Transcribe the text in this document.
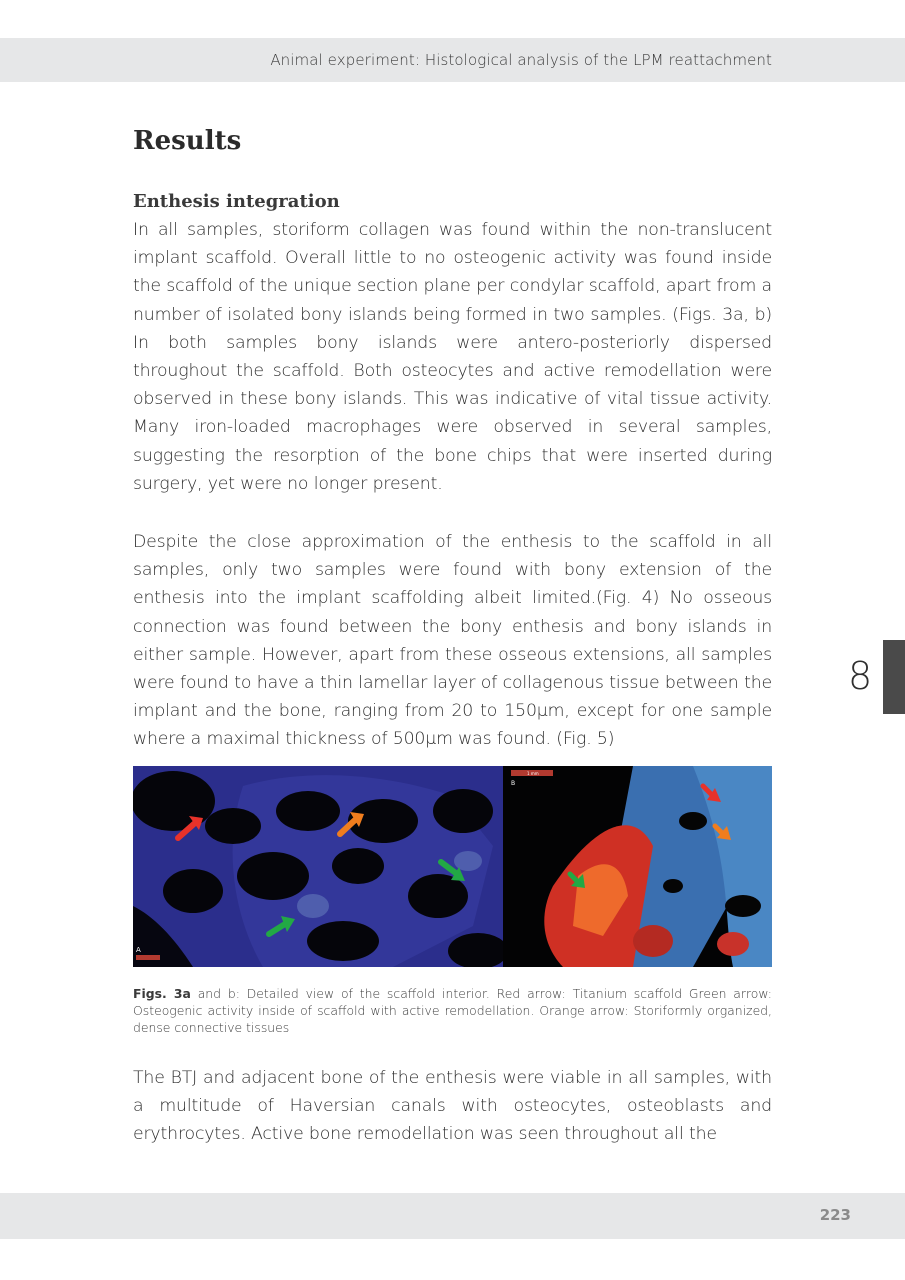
Animal experiment: Histological analysis of the LPM reattachment
Results
Enthesis integration

In all samples, storiform collagen was found within the non-translucent implant scaffold. Overall little to no osteogenic activity was found inside the scaffold of the unique section plane per condylar scaffold, apart from a number of isolated bony islands being formed in two samples. (Figs. 3a, b) In both samples bony islands were antero-posteriorly dispersed throughout the scaffold. Both osteocytes and active remodellation were observed in these bony islands. This was indicative of vital tissue activity. Many iron-loaded macrophages were observed in several samples, suggesting the resorption of the bone chips that were inserted during surgery, yet were no longer present.

Despite the close approximation of the enthesis to the scaffold in all samples, only two samples were found with bony extension of the enthesis into the implant scaffolding albeit limited.(Fig. 4) No osseous connection was found between the bony enthesis and bony islands in either sample. However, apart from these osseous extensions, all samples were found to have a thin lamellar layer of collagenous tissue between the implant and the bone, ranging from 20 to 150µm, except for one sample where a maximal thickness of 500µm was found. (Fig. 5)

A
1 mm
B

Figs. 3a and b: Detailed view of the scaffold interior. Red arrow: Titanium scaffold Green arrow: Osteogenic activity inside of scaffold with active remodellation. Orange arrow: Storiformly organized, dense connective tissues

The BTJ and adjacent bone of the enthesis were viable in all samples, with a multitude of Haversian canals with osteocytes, osteoblasts and erythrocytes. Active bone remodellation was seen throughout all the

8
223
